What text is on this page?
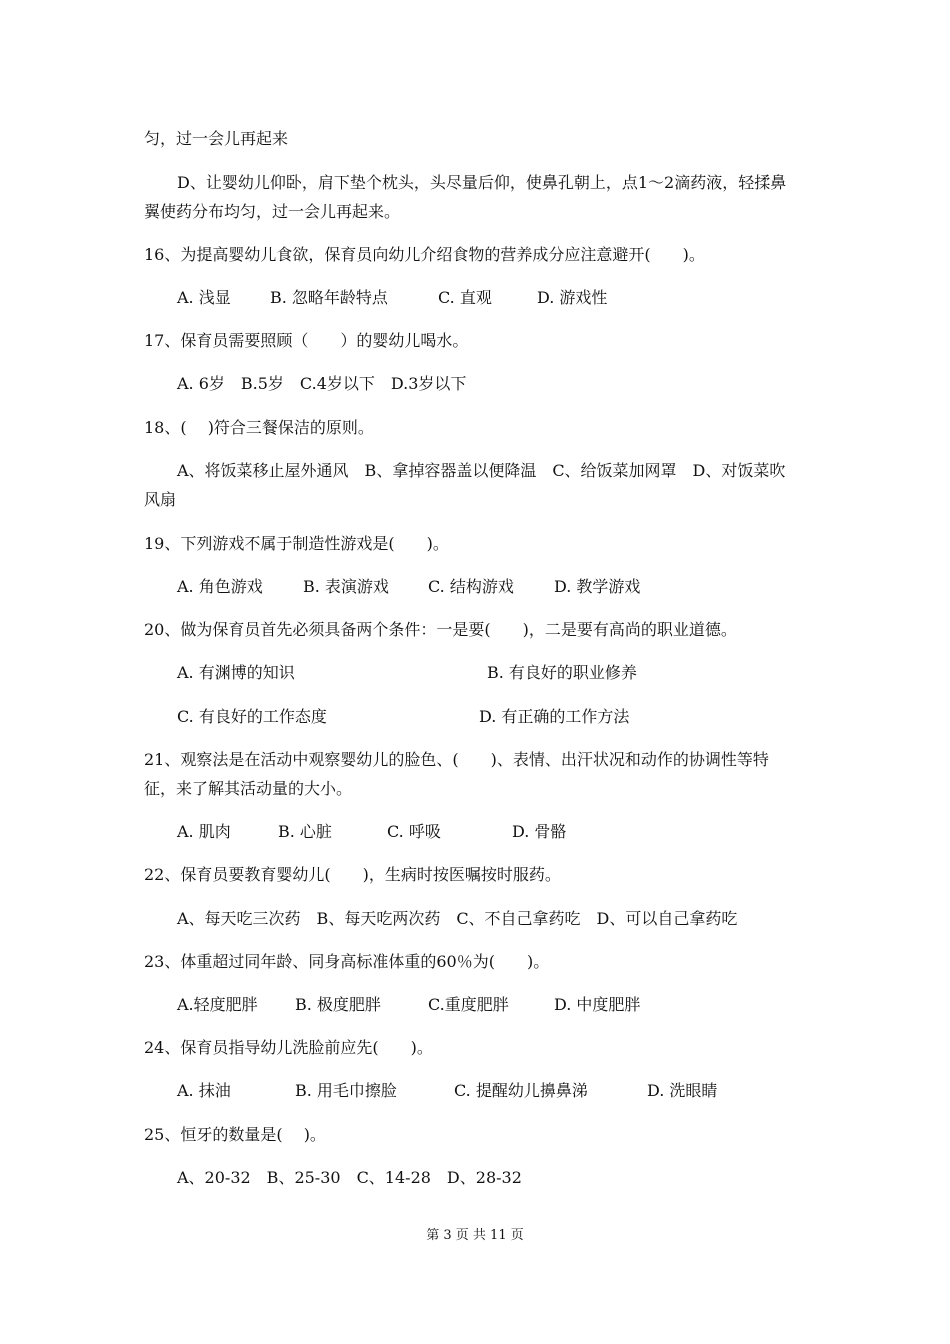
匀，过一会儿再起来
D、让婴幼儿仰卧，肩下垫个枕头，头尽量后仰，使鼻孔朝上，点1～2滴药液，轻揉鼻
翼使药分布均匀，过一会儿再起来。
16、为提高婴幼儿食欲，保育员向幼儿介绍食物的营养成分应注意避开(　　)。
A. 浅显 B. 忽略年龄特点	C. 直观	D. 游戏性
17、保育员需要照顾（　　）的婴幼儿喝水。
A. 6岁　B.5岁　C.4岁以下　D.3岁以下
18、(　 )符合三餐保洁的原则。
A、将饭菜移止屋外通风　B、拿掉容器盖以便降温　C、给饭菜加网罩　D、对饭菜吹
风扇
19、下列游戏不属于制造性游戏是(　　)。
A. 角色游戏	B. 表演游戏 C. 结构游戏	D. 教学游戏
20、做为保育员首先必须具备两个条件：一是要(　　)，二是要有高尚的职业道德。
A. 有渊博的知识	B. 有良好的职业修养
C. 有良好的工作态度	D. 有正确的工作方法
21、观察法是在活动中观察婴幼儿的脸色、(　　)、表情、出汗状况和动作的协调性等特
征，来了解其活动量的大小。
A. 肌肉	B. 心脏	C. 呼吸	D. 骨骼
22、保育员要教育婴幼儿(　　)，生病时按医嘱按时服药。
A、每天吃三次药　B、每天吃两次药　C、不自己拿药吃　D、可以自己拿药吃
23、体重超过同年龄、同身高标准体重的60％为(　　)。
A.轻度肥胖 B. 极度肥胖	C.重度肥胖	D. 中度肥胖
24、保育员指导幼儿洗脸前应先(　　)。
A. 抹油	B. 用毛巾擦脸	C. 提醒幼儿擤鼻涕	D. 洗眼睛
25、恒牙的数量是(　 )。
A、20-32　B、25-30　C、14-28　D、28-32
第 3 页 共 11 页
